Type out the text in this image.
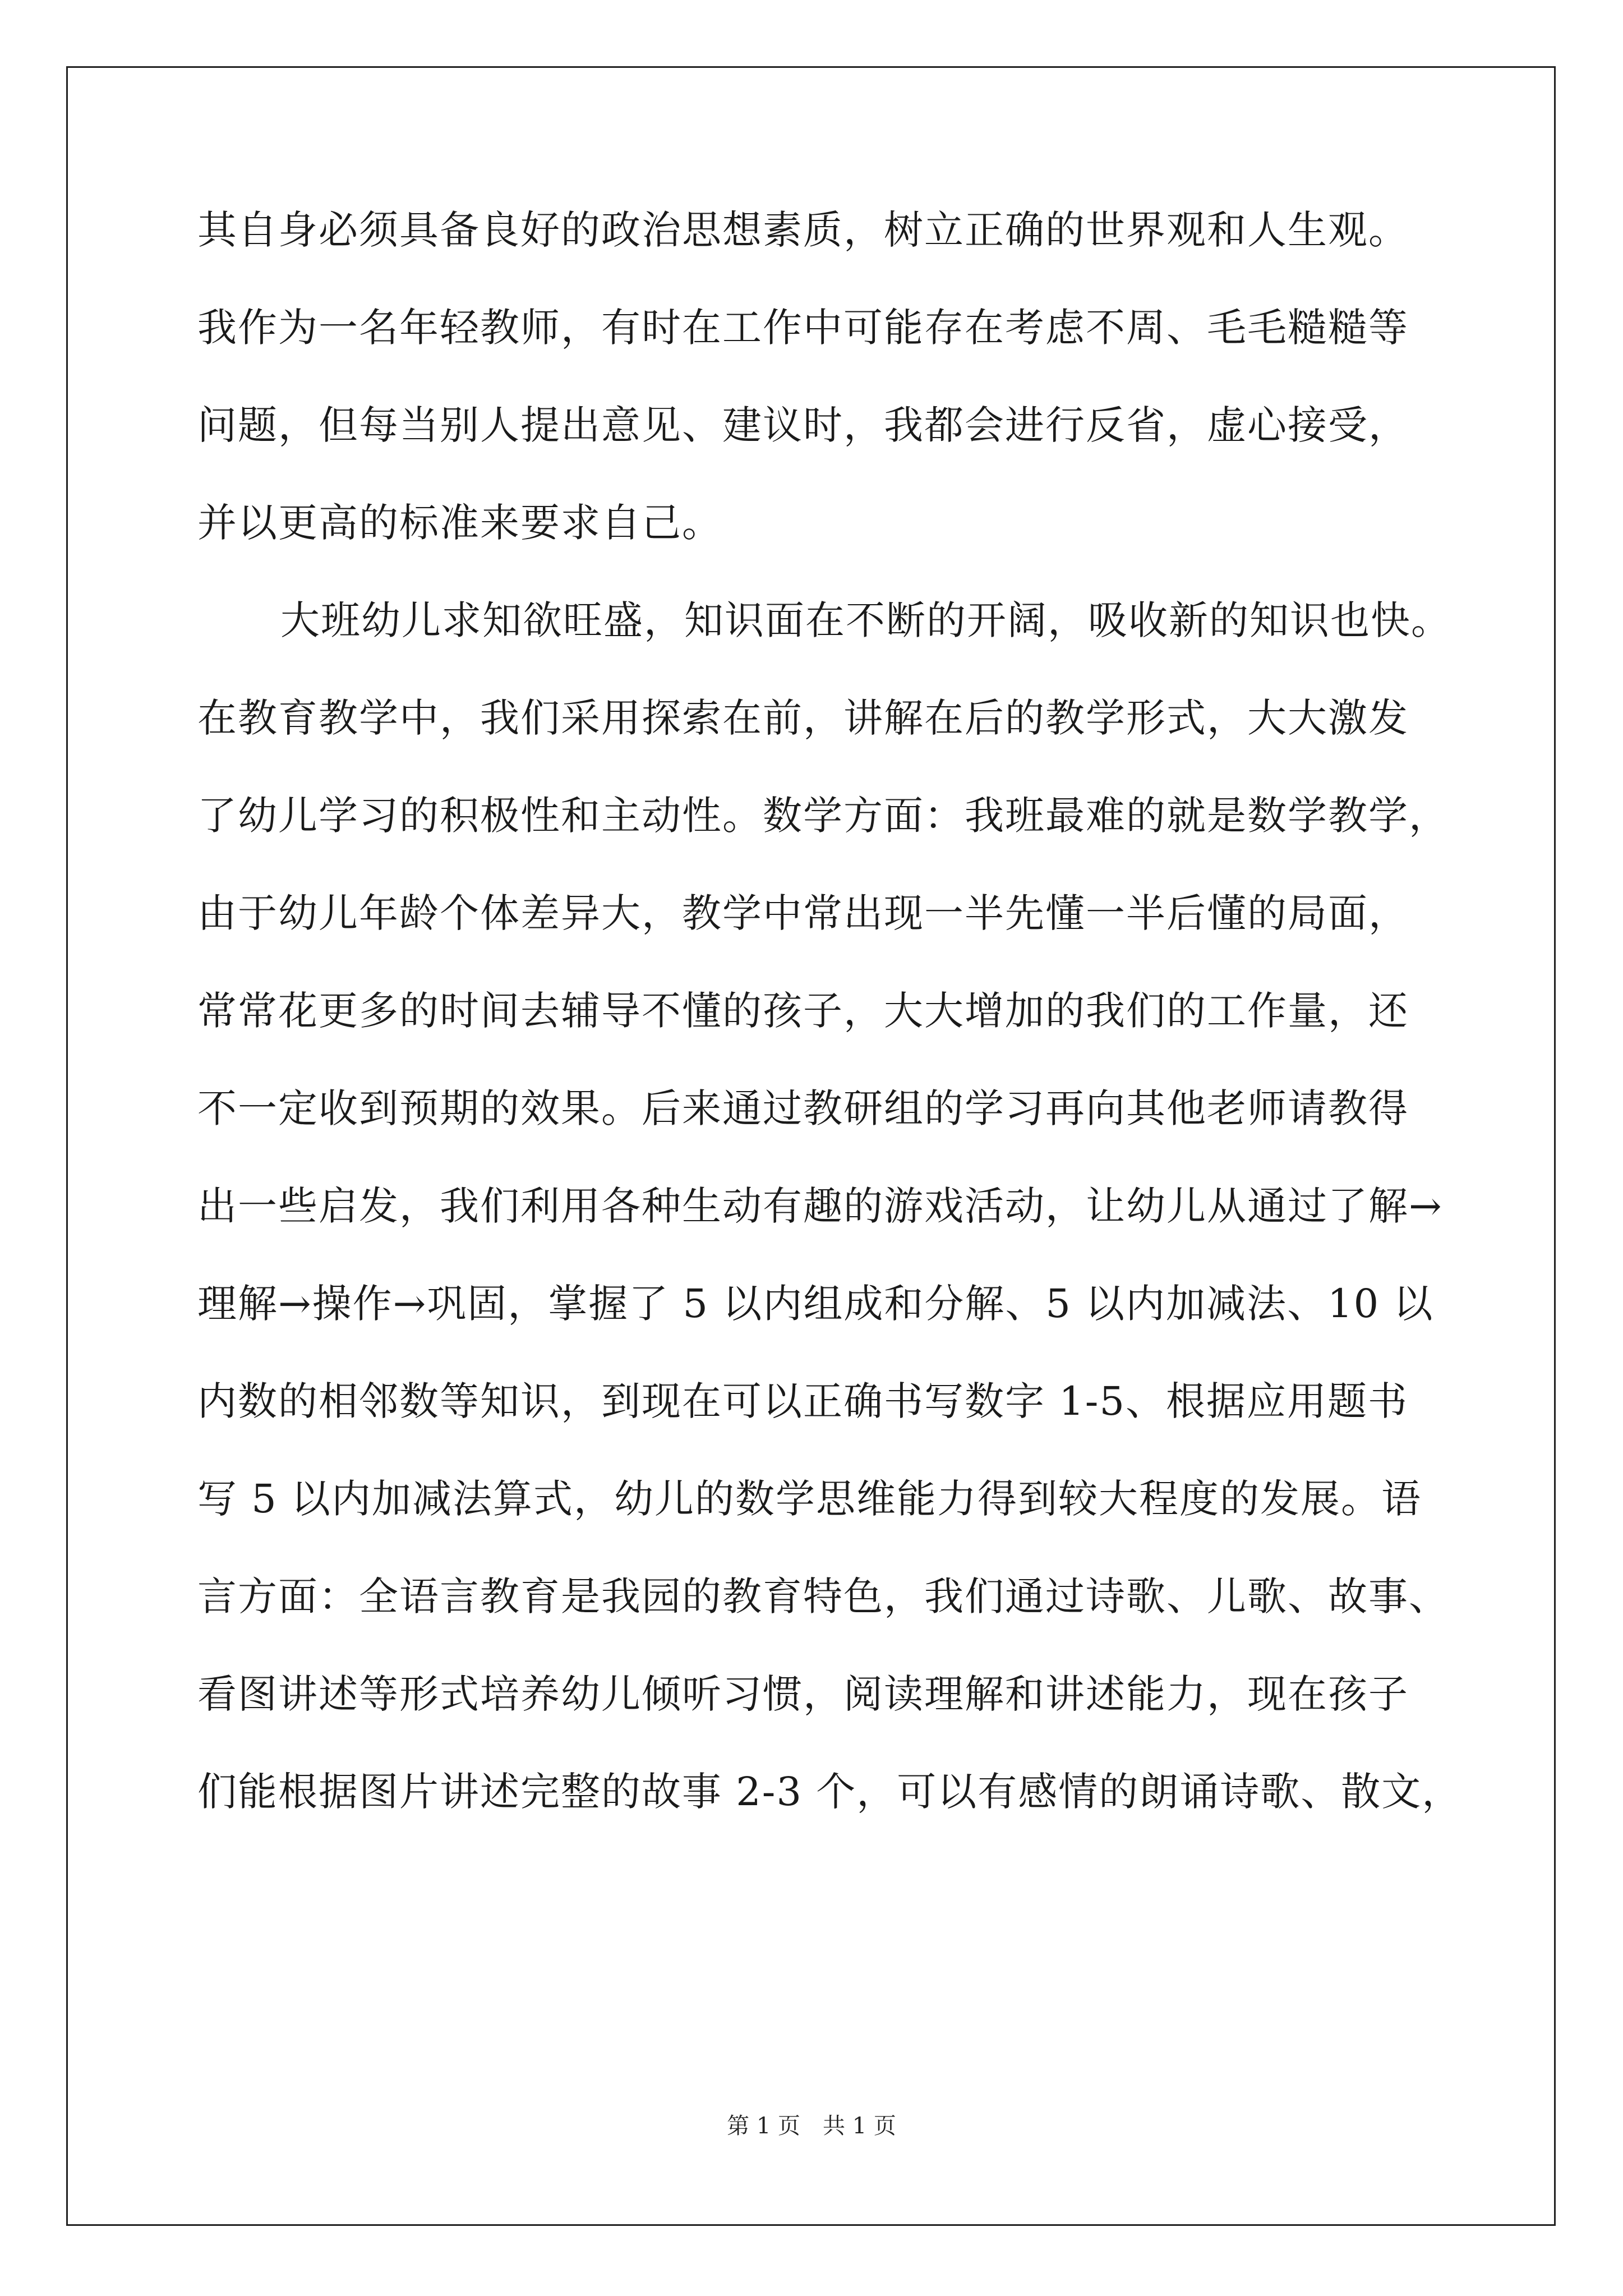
其自身必须具备良好的政治思想素质，树立正确的世界观和人生观。
我作为一名年轻教师，有时在工作中可能存在考虑不周、毛毛糙糙等
问题，但每当别人提出意见、建议时，我都会进行反省，虚心接受，
并以更高的标准来要求自己。
大班幼儿求知欲旺盛，知识面在不断的开阔，吸收新的知识也快。
在教育教学中，我们采用探索在前，讲解在后的教学形式，大大激发
了幼儿学习的积极性和主动性。数学方面：我班最难的就是数学教学，
由于幼儿年龄个体差异大，教学中常出现一半先懂一半后懂的局面，
常常花更多的时间去辅导不懂的孩子，大大增加的我们的工作量，还
不一定收到预期的效果。后来通过教研组的学习再向其他老师请教得
出一些启发，我们利用各种生动有趣的游戏活动，让幼儿从通过了解→
理解→操作→巩固，掌握了 5 以内组成和分解、5 以内加减法、10 以
内数的相邻数等知识，到现在可以正确书写数字 1-5、根据应用题书
写 5 以内加减法算式，幼儿的数学思维能力得到较大程度的发展。语
言方面：全语言教育是我园的教育特色，我们通过诗歌、儿歌、故事、
看图讲述等形式培养幼儿倾听习惯，阅读理解和讲述能力，现在孩子
们能根据图片讲述完整的故事 2-3 个，可以有感情的朗诵诗歌、散文，
第 1 页　共 1 页
